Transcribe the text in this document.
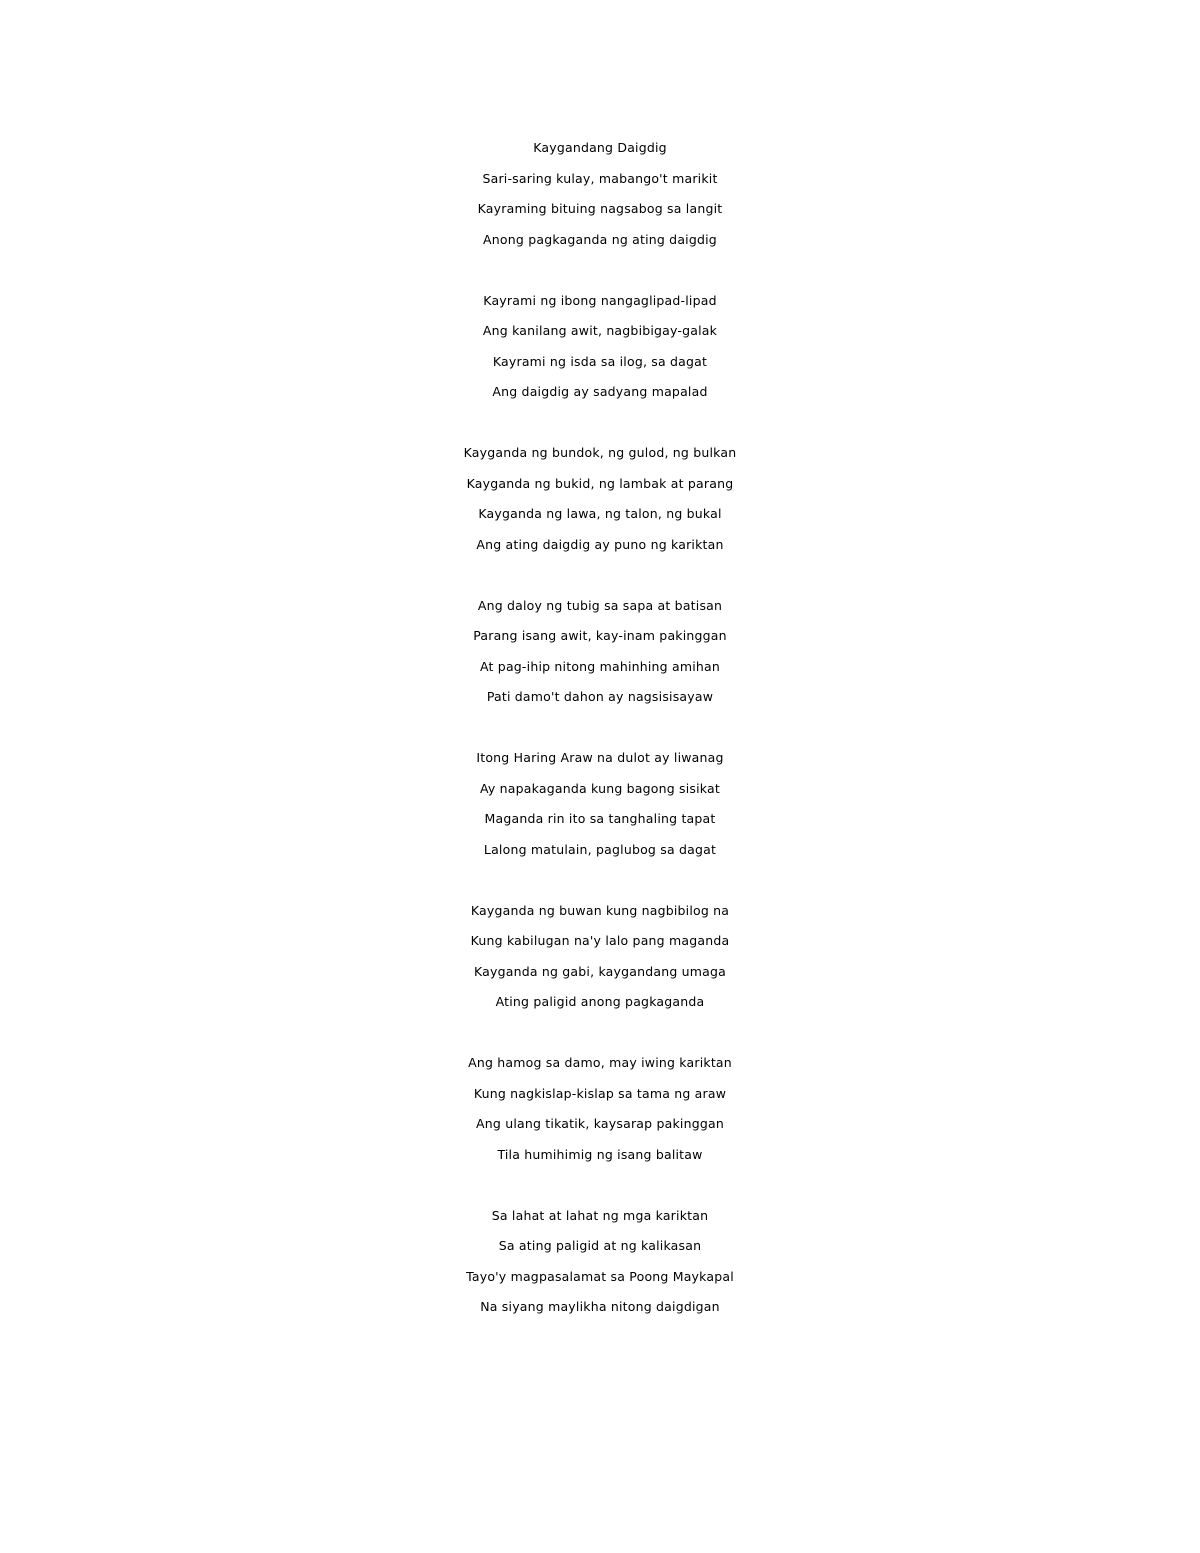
Kaygandang Daigdig
Sari-saring kulay, mabango't marikit
Kayraming bituing nagsabog sa langit
Anong pagkaganda ng ating daigdig
Kayrami ng ibong nangaglipad-lipad
Ang kanilang awit, nagbibigay-galak
Kayrami ng isda sa ilog, sa dagat
Ang daigdig ay sadyang mapalad
Kayganda ng bundok, ng gulod, ng bulkan
Kayganda ng bukid, ng lambak at parang
Kayganda ng lawa, ng talon, ng bukal
Ang ating daigdig ay puno ng kariktan
Ang daloy ng tubig sa sapa at batisan
Parang isang awit, kay-inam pakinggan
At pag-ihip nitong mahinhing amihan
Pati damo't dahon ay nagsisisayaw
Itong Haring Araw na dulot ay liwanag
Ay napakaganda kung bagong sisikat
Maganda rin ito sa tanghaling tapat
Lalong matulain, paglubog sa dagat
Kayganda ng buwan kung nagbibilog na
Kung kabilugan na'y lalo pang maganda
Kayganda ng gabi, kaygandang umaga
Ating paligid anong pagkaganda
Ang hamog sa damo, may iwing kariktan
Kung nagkislap-kislap sa tama ng araw
Ang ulang tikatik, kaysarap pakinggan
Tila humihimig ng isang balitaw
Sa lahat at lahat ng mga kariktan
Sa ating paligid at ng kalikasan
Tayo'y magpasalamat sa Poong Maykapal
Na siyang maylikha nitong daigdigan
